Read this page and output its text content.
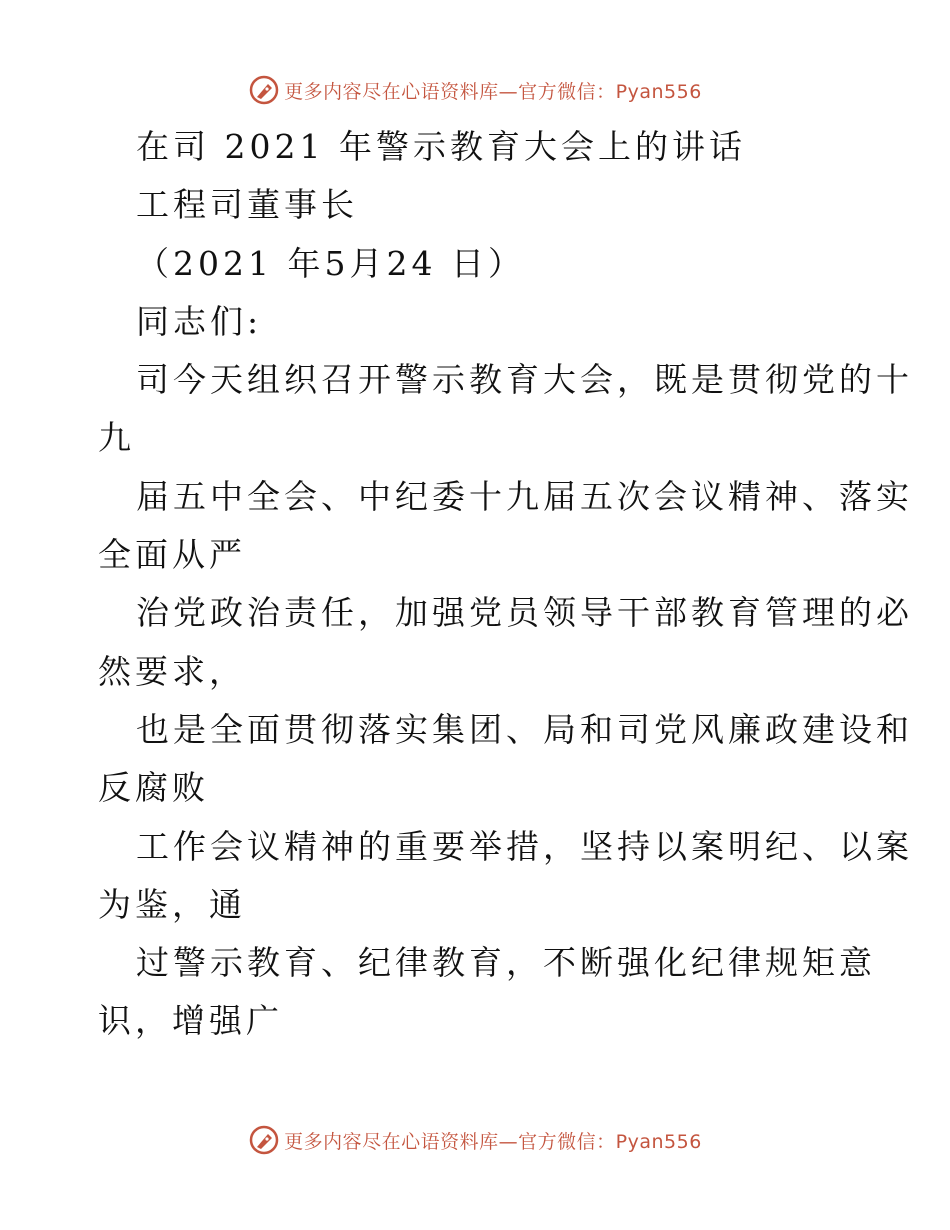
更多内容尽在心语资料库—官方微信：Pyan556
在司 2021 年警示教育大会上的讲话
工程司董事长
（2021 年5月24 日）
同志们:
司今天组织召开警示教育大会，既是贯彻党的十
九
届五中全会、中纪委十九届五次会议精神、落实
全面从严
治党政治责任，加强党员领导干部教育管理的必
然要求，
也是全面贯彻落实集团、局和司党风廉政建设和
反腐败
工作会议精神的重要举措，坚持以案明纪、以案
为鉴，通
过警示教育、纪律教育，不断强化纪律规矩意
识，增强广
更多内容尽在心语资料库—官方微信：Pyan556
